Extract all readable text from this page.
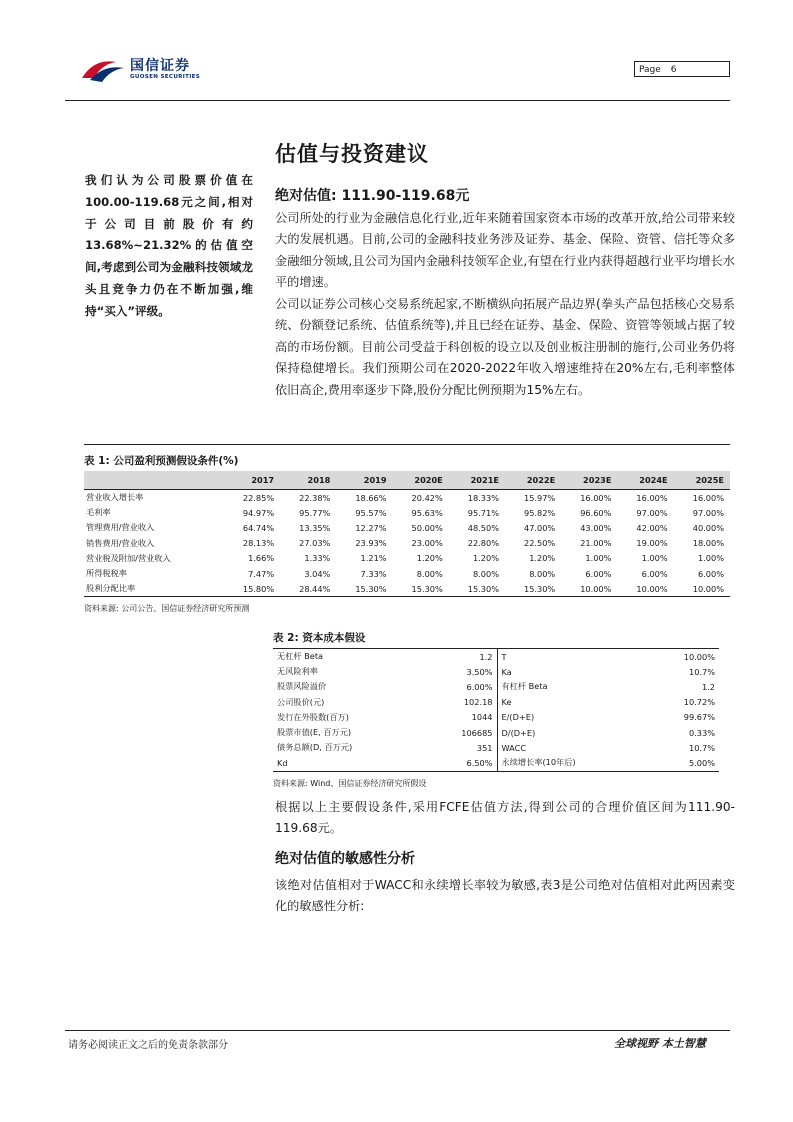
国信证券
GUOSEN SECURITIES
Page 6
我们认为公司股票价值在100.00-119.68元之间,相对于公司目前股价有约13.68%~21.32%的估值空间,考虑到公司为金融科技领域龙头且竞争力仍在不断加强,维持“买入”评级。
估值与投资建议
绝对估值: 111.90-119.68元
公司所处的行业为金融信息化行业,近年来随着国家资本市场的改革开放,给公司带来较大的发展机遇。目前,公司的金融科技业务涉及证券、基金、保险、资管、信托等众多金融细分领域,且公司为国内金融科技领军企业,有望在行业内获得超越行业平均增长水平的增速。
公司以证券公司核心交易系统起家,不断横纵向拓展产品边界(拳头产品包括核心交易系统、份额登记系统、估值系统等),并且已经在证券、基金、保险、资管等领域占据了较高的市场份额。目前公司受益于科创板的设立以及创业板注册制的施行,公司业务仍将保持稳健增长。我们预期公司在2020-2022年收入增速维持在20%左右,毛利率整体依旧高企,费用率逐步下降,股份分配比例预期为15%左右。
表 1: 公司盈利预测假设条件(%)
	2017	2018	2019	2020E	2021E	2022E	2023E	2024E	2025E
营业收入增长率	22.85%	22.38%	18.66%	20.42%	18.33%	15.97%	16.00%	16.00%	16.00%
毛利率	94.97%	95.77%	95.57%	95.63%	95.71%	95.82%	96.60%	97.00%	97.00%
管理费用/营业收入	64.74%	13.35%	12.27%	50.00%	48.50%	47.00%	43.00%	42.00%	40.00%
销售费用/营业收入	28.13%	27.03%	23.93%	23.00%	22.80%	22.50%	21.00%	19.00%	18.00%
营业税及附加/营业收入	1.66%	1.33%	1.21%	1.20%	1.20%	1.20%	1.00%	1.00%	1.00%
所得税税率	7.47%	3.04%	7.33%	8.00%	8.00%	8.00%	6.00%	6.00%	6.00%
股利分配比率	15.80%	28.44%	15.30%	15.30%	15.30%	15.30%	10.00%	10.00%	10.00%
资料来源: 公司公告、国信证券经济研究所预测
表 2: 资本成本假设
无杠杆 Beta	1.2	T	10.00%
无风险利率	3.50%	Ka	10.7%
股票风险溢价	6.00%	有杠杆 Beta	1.2
公司股价(元)	102.18	Ke	10.72%
发行在外股数(百万)	1044	E/(D+E)	99.67%
股票市值(E, 百万元)	106685	D/(D+E)	0.33%
债务总额(D, 百万元)	351	WACC	10.7%
Kd	6.50%	永续增长率(10年后)	5.00%
资料来源: Wind、国信证券经济研究所假设
根据以上主要假设条件,采用FCFE估值方法,得到公司的合理价值区间为111.90-119.68元。
绝对估值的敏感性分析
该绝对估值相对于WACC和永续增长率较为敏感,表3是公司绝对估值相对此两因素变化的敏感性分析:
请务必阅读正文之后的免责条款部分	全球视野 本土智慧
